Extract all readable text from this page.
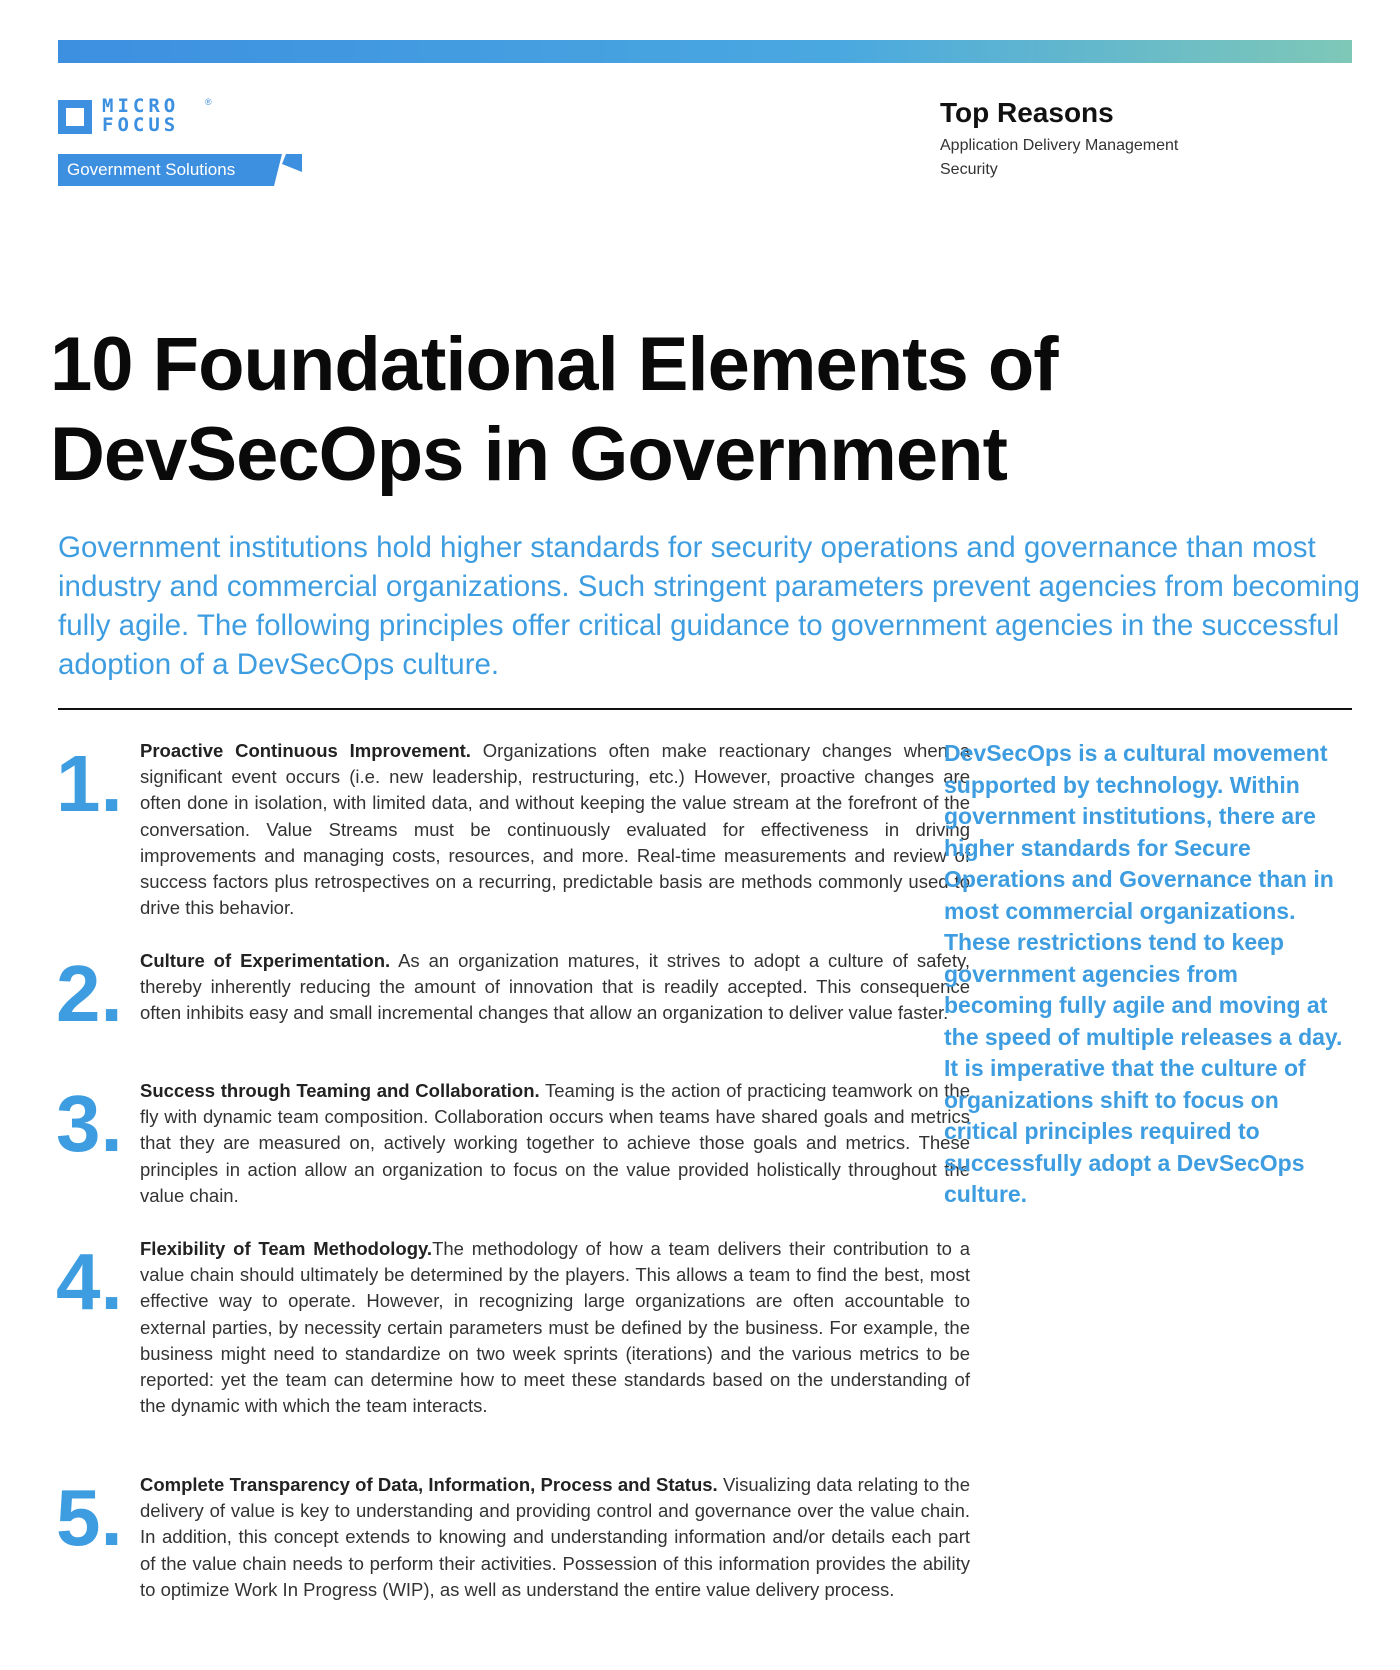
MICRO
FOCUS
®
Government Solutions
Top Reasons
Application Delivery Management
Security
10 Foundational Elements of
DevSecOps in Government

Government institutions hold higher standards for security operations and governance than most industry and commercial organizations. Such stringent parameters prevent agencies from becoming fully agile. The following principles offer critical guidance to government agencies in the successful adoption of a DevSecOps culture.

1. Proactive Continuous Improvement. Organizations often make reactionary changes when a significant event occurs (i.e. new leadership, restructuring, etc.) However, proactive changes are often done in isolation, with limited data, and without keeping the value stream at the forefront of the conversation. Value Streams must be continuously evaluated for effectiveness in driving improvements and managing costs, resources, and more. Real-time measurements and review of success factors plus retrospectives on a recurring, predictable basis are methods commonly used to drive this behavior.

2. Culture of Experimentation. As an organization matures, it strives to adopt a culture of safety, thereby inherently reducing the amount of innovation that is readily accepted. This consequence often inhibits easy and small incremental changes that allow an organization to deliver value faster.

3. Success through Teaming and Collaboration. Teaming is the action of practicing teamwork on the fly with dynamic team composition. Collaboration occurs when teams have shared goals and metrics that they are measured on, actively working together to achieve those goals and metrics. These principles in action allow an organization to focus on the value provided holistically throughout the value chain.

4. Flexibility of Team Methodology.The methodology of how a team delivers their contribution to a value chain should ultimately be determined by the players. This allows a team to find the best, most effective way to operate. However, in recognizing large organizations are often accountable to external parties, by necessity certain parameters must be defined by the business. For example, the business might need to standardize on two week sprints (iterations) and the various metrics to be reported: yet the team can determine how to meet these standards based on the understanding of the dynamic with which the team interacts.

5. Complete Transparency of Data, Information, Process and Status. Visualizing data relating to the delivery of value is key to understanding and providing control and governance over the value chain. In addition, this concept extends to knowing and understanding information and/or details each part of the value chain needs to perform their activities. Possession of this information provides the ability to optimize Work In Progress (WIP), as well as understand the entire value delivery process.

DevSecOps is a cultural movement supported by technology. Within government institutions, there are higher standards for Secure Operations and Governance than in most commercial organizations. These restrictions tend to keep government agencies from becoming fully agile and moving at the speed of multiple releases a day. It is imperative that the culture of organizations shift to focus on critical principles required to successfully adopt a DevSecOps culture.
